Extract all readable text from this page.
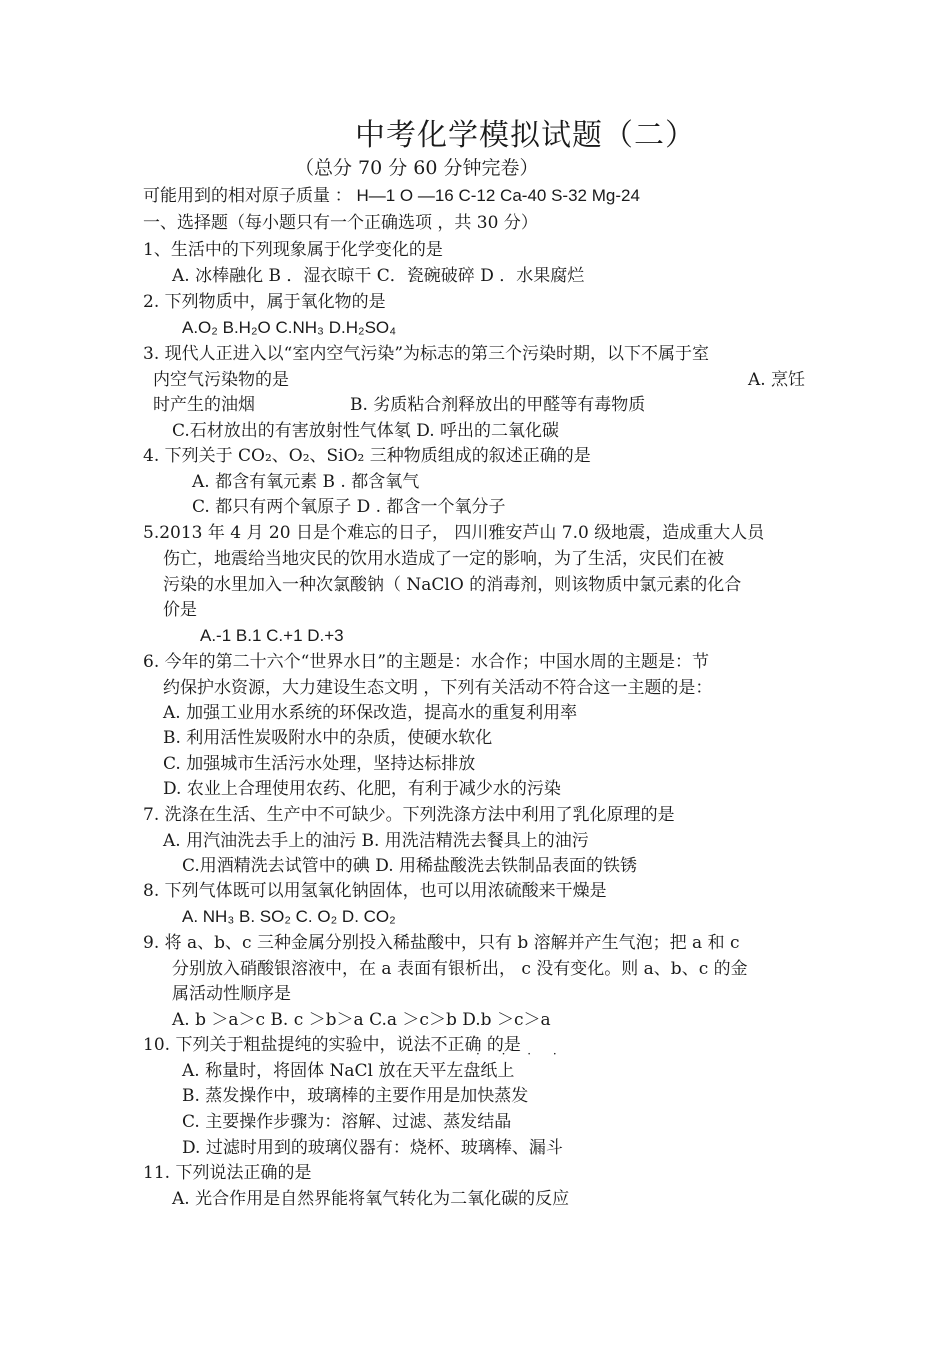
中考化学模拟试题（二）
（总分 70 分 60 分钟完卷）
可能用到的相对原子质量 ： H—1 O —16 C-12 Ca-40 S-32 Mg-24
一、选择题（每小题只有一个正确选项 ，共 30 分）
1、生活中的下列现象属于化学变化的是
A. 冰棒融化 B ．湿衣晾干 C．瓷碗破碎 D ．水果腐烂
2. 下列物质中，属于氧化物的是
A.O₂ B.H₂O C.NH₃ D.H₂SO₄
3. 现代人正进入以“室内空气污染”为标志的第三个污染时期，以下不属于室
内空气污染物的是	A. 烹饪
时产生的油烟	B. 劣质粘合剂释放出的甲醛等有毒物质
C.石材放出的有害放射性气体氡 D. 呼出的二氧化碳
4. 下列关于 CO₂、O₂、SiO₂ 三种物质组成的叙述正确的是
A. 都含有氧元素 B . 都含氧气
C. 都只有两个氧原子 D . 都含一个氧分子
5.2013 年 4 月 20 日是个难忘的日子， 四川雅安芦山 7.0 级地震，造成重大人员
伤亡，地震给当地灾民的饮用水造成了一定的影响，为了生活，灾民们在被
污染的水里加入一种次氯酸钠（ NaClO 的消毒剂，则该物质中氯元素的化合
价是
A.-1 B.1 C.+1 D.+3
6. 今年的第二十六个“世界水日”的主题是：水合作；中国水周的主题是：节
约保护水资源，大力建设生态文明 ，下列有关活动不符合这一主题的是：
A. 加强工业用水系统的环保改造，提高水的重复利用率
B. 利用活性炭吸附水中的杂质，使硬水软化
C. 加强城市生活污水处理，坚持达标排放
D. 农业上合理使用农药、化肥，有利于减少水的污染
7. 洗涤在生活、生产中不可缺少。下列洗涤方法中利用了乳化原理的是
A. 用汽油洗去手上的油污 B. 用洗洁精洗去餐具上的油污
C.用酒精洗去试管中的碘 D. 用稀盐酸洗去铁制品表面的铁锈
8. 下列气体既可以用氢氧化钠固体，也可以用浓硫酸来干燥是
A. NH₃ B. SO₂ C. O₂ D. CO₂
9. 将 a、b、c 三种金属分别投入稀盐酸中，只有 b 溶解并产生气泡；把 a 和 c
分别放入硝酸银溶液中，在 a 表面有银析出， c 没有变化。则 a、b、c 的金
属活动性顺序是
A. b ＞a＞c B. c ＞b＞a C.a ＞c＞b D.b ＞c＞a
10. 下列关于粗盐提纯的实验中，说法不正确 的是
· · · ·
A. 称量时，将固体 NaCl 放在天平左盘纸上
B. 蒸发操作中，玻璃棒的主要作用是加快蒸发
C. 主要操作步骤为：溶解、过滤、蒸发结晶
D. 过滤时用到的玻璃仪器有：烧杯、玻璃棒、漏斗
11. 下列说法正确的是
A. 光合作用是自然界能将氧气转化为二氧化碳的反应
